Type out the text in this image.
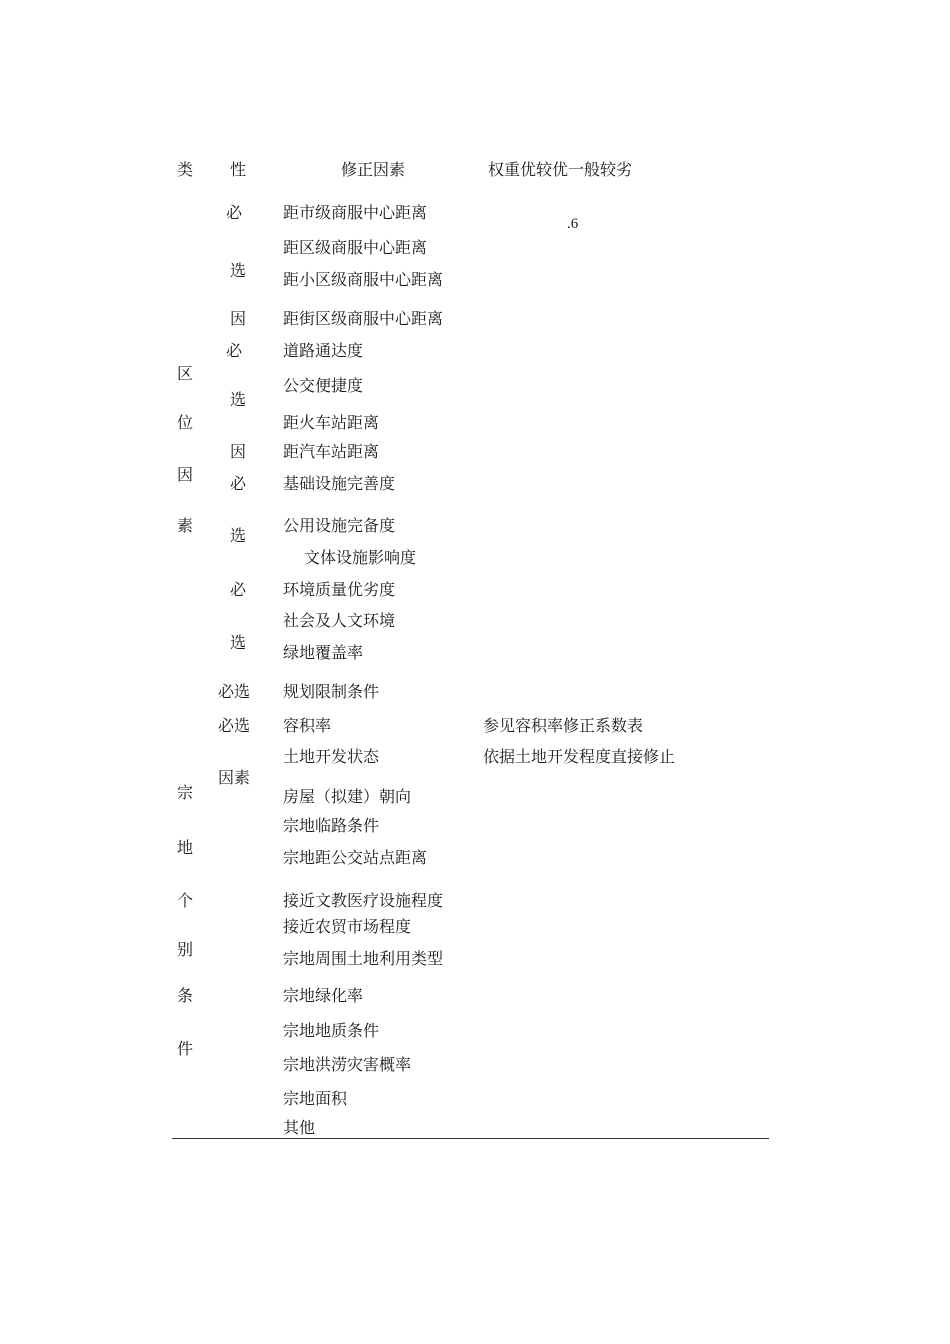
类 性	修正因素	权重优较优一般较劣
.6
区
位
因
素
必
选
因
必
选
因
必
选
必
选
距市级商服中心距离
距区级商服中心距离
距小区级商服中心距离
距街区级商服中心距离
道路通达度
公交便捷度
距火车站距离
距汽车站距离
基础设施完善度
公用设施完备度
文体设施影响度
环境质量优劣度
社会及人文环境
绿地覆盖率
宗
地
个
别
条
件
必选
必选
因素
规划限制条件
容积率
土地开发状态
房屋（拟建）朝向
宗地临路条件
宗地距公交站点距离
接近文教医疗设施程度
接近农贸市场程度
宗地周围土地利用类型
宗地绿化率
宗地地质条件
宗地洪涝灾害概率
宗地面积
其他
参见容积率修正系数表
依据土地开发程度直接修止
